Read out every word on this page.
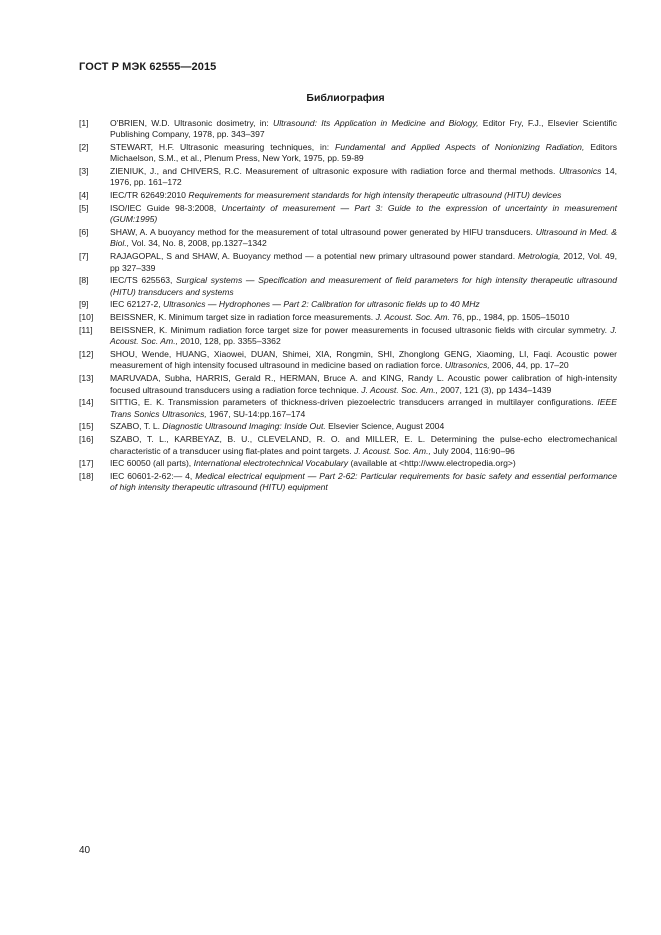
ГОСТ Р МЭК 62555—2015
Библиография
[1]	O'BRIEN, W.D. Ultrasonic dosimetry, in: Ultrasound: Its Application in Medicine and Biology, Editor Fry, F.J., Elsevier Scientific Publishing Company, 1978, pp. 343–397
[2]	STEWART, H.F. Ultrasonic measuring techniques, in: Fundamental and Applied Aspects of Nonionizing Radiation, Editors Michaelson, S.M., et al., Plenum Press, New York, 1975, pp. 59-89
[3]	ZIENIUK, J., and CHIVERS, R.C. Measurement of ultrasonic exposure with radiation force and thermal methods. Ultrasonics 14, 1976, pp. 161–172
[4]	IEC/TR 62649:2010 Requirements for measurement standards for high intensity therapeutic ultrasound (HITU) devices
[5]	ISO/IEC Guide 98-3:2008, Uncertainty of measurement — Part 3: Guide to the expression of uncertainty in measurement (GUM:1995)
[6]	SHAW, A. A buoyancy method for the measurement of total ultrasound power generated by HIFU transducers. Ultrasound in Med. & Biol., Vol. 34, No. 8, 2008, pp.1327–1342
[7]	RAJAGOPAL, S and SHAW, A. Buoyancy method — a potential new primary ultrasound power standard. Metrologia, 2012, Vol. 49, pp 327–339
[8]	IEC/TS 625563, Surgical systems — Specification and measurement of field parameters for high intensity therapeutic ultrasound (HITU) transducers and systems
[9]	IEC 62127-2, Ultrasonics — Hydrophones — Part 2: Calibration for ultrasonic fields up to 40 MHz
[10]	BEISSNER, K. Minimum target size in radiation force measurements. J. Acoust. Soc. Am. 76, pp., 1984, pp. 1505–15010
[11]	BEISSNER, K. Minimum radiation force target size for power measurements in focused ultrasonic fields with circular symmetry. J. Acoust. Soc. Am., 2010, 128, pp. 3355–3362
[12]	SHOU, Wende, HUANG, Xiaowei, DUAN, Shimei, XIA, Rongmin, SHI, Zhonglong GENG, Xiaoming, LI, Faqi. Acoustic power measurement of high intensity focused ultrasound in medicine based on radiation force. Ultrasonics, 2006, 44, pp. 17–20
[13]	MARUVADA, Subha, HARRIS, Gerald R., HERMAN, Bruce A. and KING, Randy L. Acoustic power calibration of high-intensity focused ultrasound transducers using a radiation force technique. J. Acoust. Soc. Am., 2007, 121 (3), pp 1434–1439
[14]	SITTIG, E. K. Transmission parameters of thickness-driven piezoelectric transducers arranged in multilayer configurations. IEEE Trans Sonics Ultrasonics, 1967, SU-14:pp.167–174
[15]	SZABO, T. L. Diagnostic Ultrasound Imaging: Inside Out. Elsevier Science, August 2004
[16]	SZABO, T. L., KARBEYAZ, B. U., CLEVELAND, R. O. and MILLER, E. L. Determining the pulse-echo electromechanical characteristic of a transducer using flat-plates and point targets. J. Acoust. Soc. Am., July 2004, 116:90–96
[17]	IEC 60050 (all parts), International electrotechnical Vocabulary (available at <http://www.electropedia.org>)
[18]	IEC 60601-2-62:— 4, Medical electrical equipment — Part 2-62: Particular requirements for basic safety and essential performance of high intensity therapeutic ultrasound (HITU) equipment
40
